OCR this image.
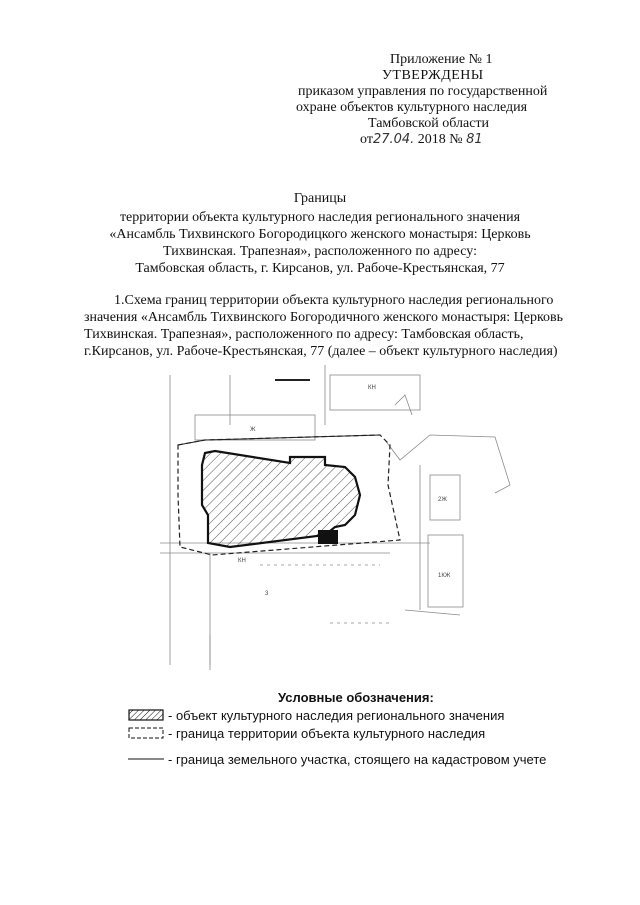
Приложение № 1
УТВЕРЖДЕНЫ
приказом управления по государственной
охране объектов культурного наследия
Тамбовской области
от27.04. 2018 № 81
Границы
территории объекта культурного наследия регионального значения
«Ансамбль Тихвинского Богородицкого женского монастыря: Церковь
Тихвинская. Трапезная», расположенного по адресу:
Тамбовская область, г. Кирсанов, ул. Рабоче-Крестьянская, 77
1.Схема границ территории объекта культурного наследия регионального
значения «Ансамбль Тихвинского Богородичного женского монастыря: Церковь
Тихвинская. Трапезная», расположенного по адресу: Тамбовская область,
г.Кирсанов, ул. Рабоче-Крестьянская, 77 (далее – объект культурного наследия)
КН
Ж
2Ж
1КЖ
КН
3
Условные обозначения:
- объект культурного наследия регионального значения
- граница территории объекта культурного наследия
- граница земельного участка, стоящего на кадастровом учете
